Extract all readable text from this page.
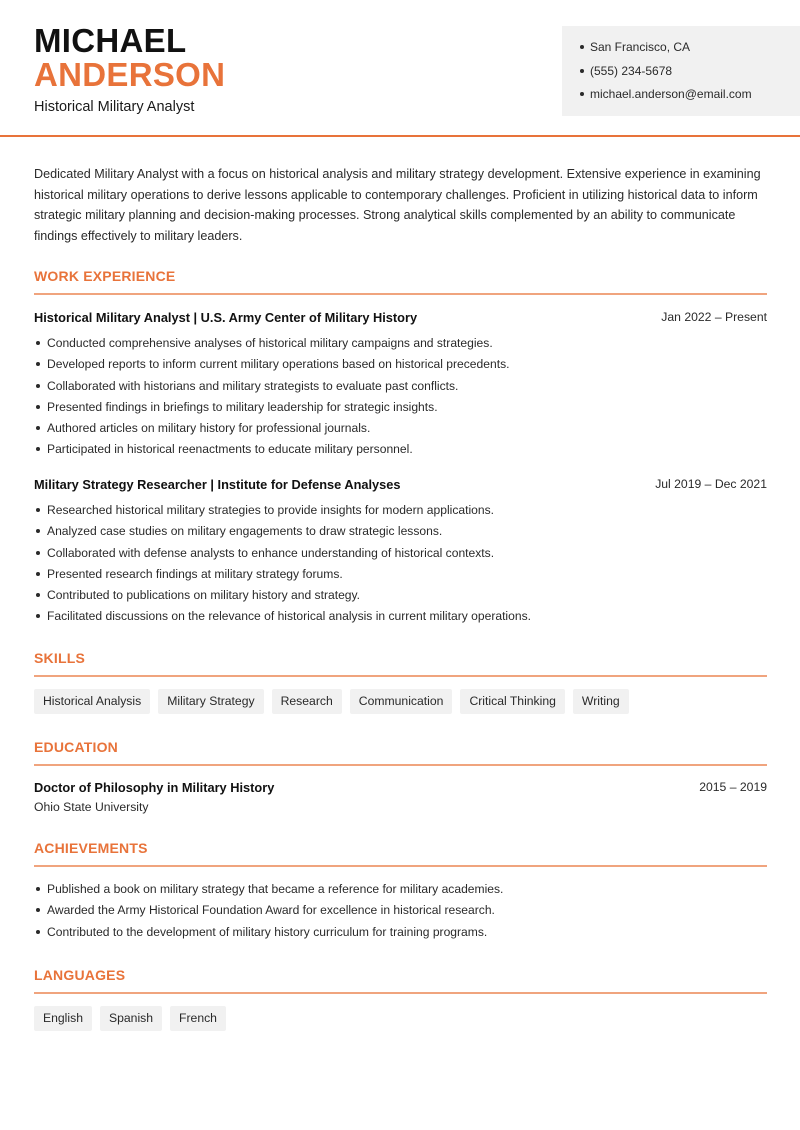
MICHAEL
ANDERSON
Historical Military Analyst
San Francisco, CA
(555) 234-5678
michael.anderson@email.com
Dedicated Military Analyst with a focus on historical analysis and military strategy development. Extensive experience in examining historical military operations to derive lessons applicable to contemporary challenges. Proficient in utilizing historical data to inform strategic military planning and decision-making processes. Strong analytical skills complemented by an ability to communicate findings effectively to military leaders.
WORK EXPERIENCE
Historical Military Analyst | U.S. Army Center of Military History	Jan 2022 – Present
Conducted comprehensive analyses of historical military campaigns and strategies.
Developed reports to inform current military operations based on historical precedents.
Collaborated with historians and military strategists to evaluate past conflicts.
Presented findings in briefings to military leadership for strategic insights.
Authored articles on military history for professional journals.
Participated in historical reenactments to educate military personnel.
Military Strategy Researcher | Institute for Defense Analyses	Jul 2019 – Dec 2021
Researched historical military strategies to provide insights for modern applications.
Analyzed case studies on military engagements to draw strategic lessons.
Collaborated with defense analysts to enhance understanding of historical contexts.
Presented research findings at military strategy forums.
Contributed to publications on military history and strategy.
Facilitated discussions on the relevance of historical analysis in current military operations.
SKILLS
Historical Analysis	Military Strategy	Research	Communication	Critical Thinking	Writing
EDUCATION
Doctor of Philosophy in Military History	2015 – 2019
Ohio State University
ACHIEVEMENTS
Published a book on military strategy that became a reference for military academies.
Awarded the Army Historical Foundation Award for excellence in historical research.
Contributed to the development of military history curriculum for training programs.
LANGUAGES
English	Spanish	French
